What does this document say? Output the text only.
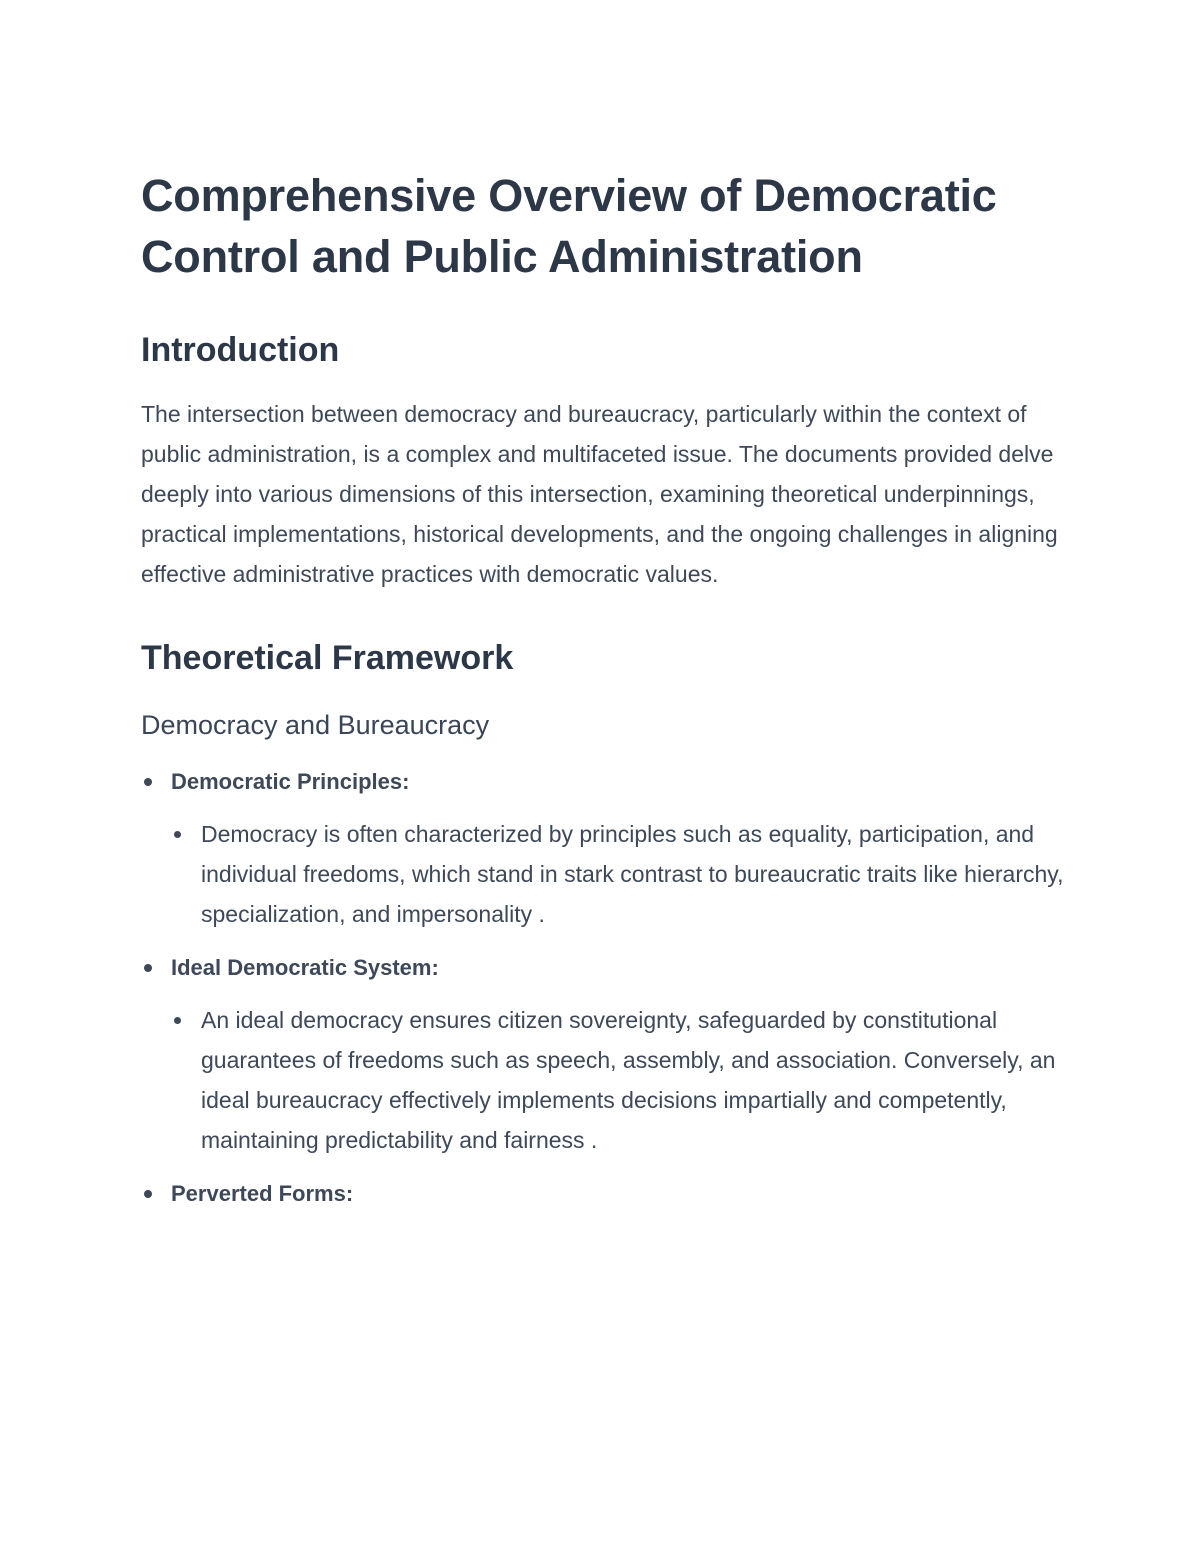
Comprehensive Overview of Democratic Control and Public Administration
Introduction

The intersection between democracy and bureaucracy, particularly within the context of public administration, is a complex and multifaceted issue. The documents provided delve deeply into various dimensions of this intersection, examining theoretical underpinnings, practical implementations, historical developments, and the ongoing challenges in aligning effective administrative practices with democratic values.

Theoretical Framework
Democracy and Bureaucracy
Democratic Principles:
Democracy is often characterized by principles such as equality, participation, and individual freedoms, which stand in stark contrast to bureaucratic traits like hierarchy, specialization, and impersonality .
Ideal Democratic System:
An ideal democracy ensures citizen sovereignty, safeguarded by constitutional guarantees of freedoms such as speech, assembly, and association. Conversely, an ideal bureaucracy effectively implements decisions impartially and competently, maintaining predictability and fairness .
Perverted Forms:
